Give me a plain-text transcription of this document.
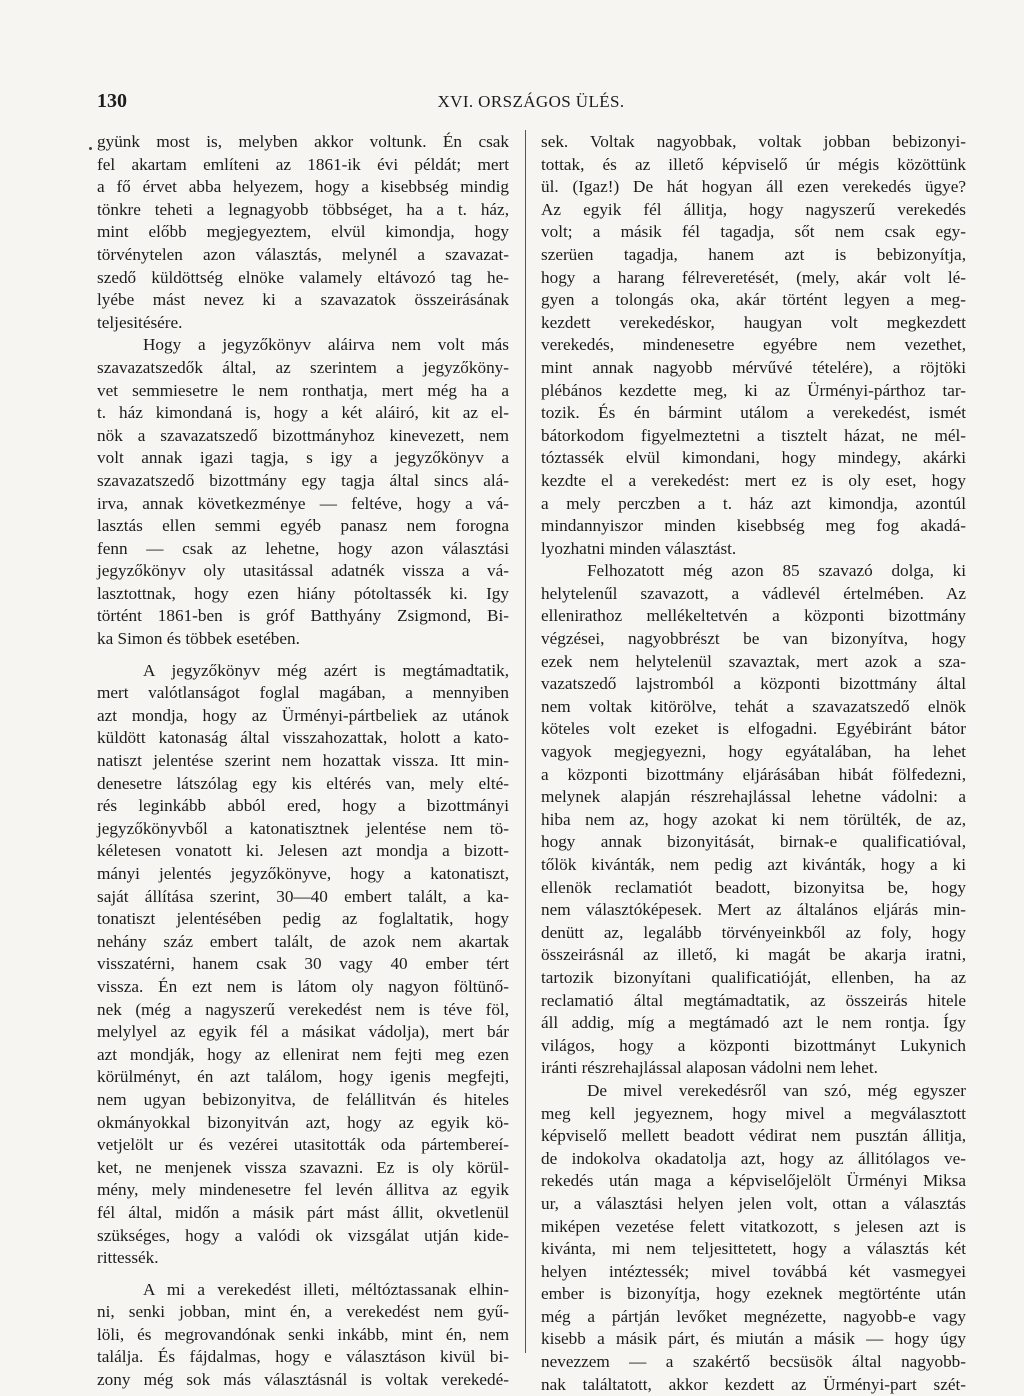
130	XVI. ORSZÁGOS ÜLÉS.
gyünk most is, melyben akkor voltunk. Én csak
fel akartam említeni az 1861-ik évi példát; mert
a fő érvet abba helyezem, hogy a kisebbség mindig
tönkre teheti a legnagyobb többséget, ha a t. ház,
mint előbb megjegyeztem, elvül kimondja, hogy
törvénytelen azon választás, melynél a szavazat-
szedő küldöttség elnöke valamely eltávozó tag he-
lyébe mást nevez ki a szavazatok összeirásának
teljesitésére.
Hogy a jegyzőkönyv aláirva nem volt más
szavazatszedők által, az szerintem a jegyzőköny-
vet semmiesetre le nem ronthatja, mert még ha a
t. ház kimondaná is, hogy a két aláiró, kit az el-
nök a szavazatszedő bizottmányhoz kinevezett, nem
volt annak igazi tagja, s igy a jegyzőkönyv a
szavazatszedő bizottmány egy tagja által sincs alá-
irva, annak következménye — feltéve, hogy a vá-
lasztás ellen semmi egyéb panasz nem forogna
fenn — csak az lehetne, hogy azon választási
jegyzőkönyv oly utasitással adatnék vissza a vá-
lasztottnak, hogy ezen hiány pótoltassék ki. Igy
történt 1861-ben is gróf Batthyány Zsigmond, Bi-
ka Simon és többek esetében.
A jegyzőkönyv még azért is megtámadtatik,
mert valótlanságot foglal magában, a mennyiben
azt mondja, hogy az Ürményi-pártbeliek az utánok
küldött katonaság által visszahozattak, holott a kato-
natiszt jelentése szerint nem hozattak vissza. Itt min-
denesetre látszólag egy kis eltérés van, mely elté-
rés leginkább abból ered, hogy a bizottmányi
jegyzőkönyvből a katonatisztnek jelentése nem tö-
kéletesen vonatott ki. Jelesen azt mondja a bizott-
mányi jelentés jegyzőkönyve, hogy a katonatiszt,
saját állítása szerint, 30—40 embert talált, a ka-
tonatiszt jelentésében pedig az foglaltatik, hogy
nehány száz embert talált, de azok nem akartak
visszatérni, hanem csak 30 vagy 40 ember tért
vissza. Én ezt nem is látom oly nagyon föltünő-
nek (még a nagyszerű verekedést nem is téve föl,
melylyel az egyik fél a másikat vádolja), mert bár
azt mondják, hogy az ellenirat nem fejti meg ezen
körülményt, én azt találom, hogy igenis megfejti,
nem ugyan bebizonyitva, de felállitván és hiteles
okmányokkal bizonyitván azt, hogy az egyik kö-
vetjelölt ur és vezérei utasitották oda pártembereí-
ket, ne menjenek vissza szavazni. Ez is oly körül-
mény, mely mindenesetre fel levén állitva az egyik
fél által, midőn a másik párt mást állit, okvetlenül
szükséges, hogy a valódi ok vizsgálat utján kide-
rittessék.
A mi a verekedést illeti, méltóztassanak elhin-
ni, senki jobban, mint én, a verekedést nem gyű-
löli, és megrovandónak senki inkább, mint én, nem
találja. És fájdalmas, hogy e választáson kivül bi-
zony még sok más választásnál is voltak verekedé-
sek. Voltak nagyobbak, voltak jobban bebizonyi-
tottak, és az illető képviselő úr mégis közöttünk
ül. (Igaz!) De hát hogyan áll ezen verekedés ügye?
Az egyik fél állitja, hogy nagyszerű verekedés
volt; a másik fél tagadja, sőt nem csak egy-
szerüen tagadja, hanem azt is bebizonyítja,
hogy a harang félreveretését, (mely, akár volt lé-
gyen a tolongás oka, akár történt legyen a meg-
kezdett verekedéskor, haugyan volt megkezdett
verekedés, mindenesetre egyébre nem vezethet,
mint annak nagyobb mérvűvé tételére), a röjtöki
plébános kezdette meg, ki az Ürményi-párthoz tar-
tozik. És én bármint utálom a verekedést, ismét
bátorkodom figyelmeztetni a tisztelt házat, ne mél-
tóztassék elvül kimondani, hogy mindegy, akárki
kezdte el a verekedést: mert ez is oly eset, hogy
a mely perczben a t. ház azt kimondja, azontúl
mindannyiszor minden kisebbség meg fog akadá-
lyozhatni minden választást.
Felhozatott még azon 85 szavazó dolga, ki
helytelenűl szavazott, a vádlevél értelmében. Az
ellenirathoz mellékeltetvén a központi bizottmány
végzései, nagyobbrészt be van bizonyítva, hogy
ezek nem helytelenül szavaztak, mert azok a sza-
vazatszedő lajstromból a központi bizottmány által
nem voltak kitörölve, tehát a szavazatszedő elnök
köteles volt ezeket is elfogadni. Egyébiránt bátor
vagyok megjegyezni, hogy egyátalában, ha lehet
a központi bizottmány eljárásában hibát fölfedezni,
melynek alapján részrehajlással lehetne vádolni: a
hiba nem az, hogy azokat ki nem törülték, de az,
hogy annak bizonyitását, birnak-e qualificatióval,
tőlök kivánták, nem pedig azt kivánták, hogy a ki
ellenök reclamatiót beadott, bizonyitsa be, hogy
nem választóképesek. Mert az általános eljárás min-
denütt az, legalább törvényeinkből az foly, hogy
összeirásnál az illető, ki magát be akarja iratni,
tartozik bizonyítani qualificatióját, ellenben, ha az
reclamatió által megtámadtatik, az összeirás hitele
áll addig, míg a megtámadó azt le nem rontja. Így
világos, hogy a központi bizottmányt Lukynich
iránti részrehajlással alaposan vádolni nem lehet.
De mivel verekedésről van szó, még egyszer
meg kell jegyeznem, hogy mivel a megválasztott
képviselő mellett beadott védirat nem pusztán állitja,
de indokolva okadatolja azt, hogy az állitólagos ve-
rekedés után maga a képviselőjelölt Ürményi Miksa
ur, a választási helyen jelen volt, ottan a választás
miképen vezetése felett vitatkozott, s jelesen azt is
kivánta, mi nem teljesittetett, hogy a választás két
helyen intéztessék; mivel továbbá két vasmegyei
ember is bizonyítja, hogy ezeknek megtörténte után
még a pártján levőket megnézette, nagyobb-e vagy
kisebb a másik párt, és miután a másik — hogy úgy
nevezzem — a szakértő becsüsök által nagyobb-
nak találtatott, akkor kezdett az Ürményi-part szét-
